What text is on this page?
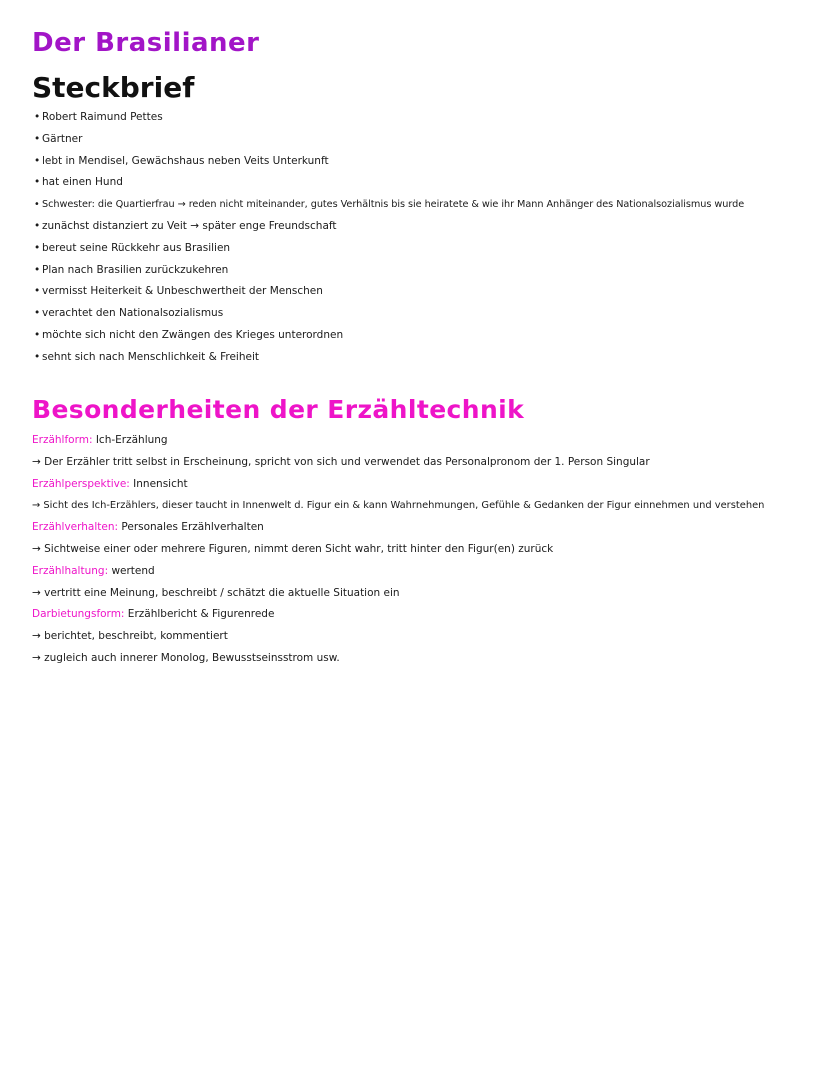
Der Brasilianer
Steckbrief
• Robert Raimund Pettes
• Gärtner
• lebt in Mendisel, Gewächshaus neben Veits Unterkunft
• hat einen Hund
• Schwester: die Quartierfrau → reden nicht miteinander, gutes Verhältnis bis sie heiratete & wie ihr Mann Anhänger des Nationalsozialismus wurde
• zunächst distanziert zu Veit → später enge Freundschaft
• bereut seine Rückkehr aus Brasilien
• Plan nach Brasilien zurückzukehren
• vermisst Heiterkeit & Unbeschwertheit der Menschen
• verachtet den Nationalsozialismus
• möchte sich nicht den Zwängen des Krieges unterordnen
• sehnt sich nach Menschlichkeit & Freiheit
Besonderheiten der Erzähltechnik
Erzählform: Ich-Erzählung
→ Der Erzähler tritt selbst in Erscheinung, spricht von sich und verwendet das Personalpronom der 1. Person Singular
Erzählperspektive: Innensicht
→ Sicht des Ich-Erzählers, dieser taucht in Innenwelt d. Figur ein & kann Wahrnehmungen, Gefühle & Gedanken der Figur einnehmen und verstehen
Erzählverhalten: Personales Erzählverhalten
→ Sichtweise einer oder mehrere Figuren, nimmt deren Sicht wahr, tritt hinter den Figur(en) zurück
Erzählhaltung: wertend
→ vertritt eine Meinung, beschreibt / schätzt die aktuelle Situation ein
Darbietungsform: Erzählbericht & Figurenrede
→ berichtet, beschreibt, kommentiert
→ zugleich auch innerer Monolog, Bewusstseinsstrom usw.
